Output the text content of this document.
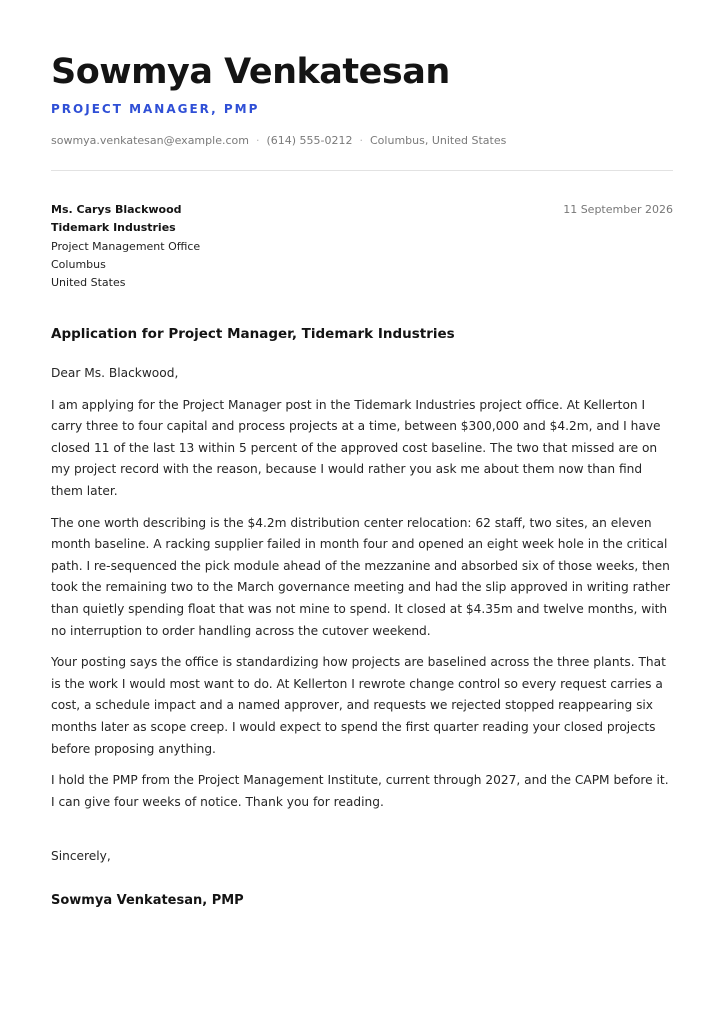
Sowmya Venkatesan
PROJECT MANAGER, PMP
sowmya.venkatesan@example.com · (614) 555-0212 · Columbus, United States
Ms. Carys Blackwood
Tidemark Industries
Project Management Office
Columbus
United States
11 September 2026
Application for Project Manager, Tidemark Industries

Dear Ms. Blackwood,

I am applying for the Project Manager post in the Tidemark Industries project office. At Kellerton I carry three to four capital and process projects at a time, between $300,000 and $4.2m, and I have closed 11 of the last 13 within 5 percent of the approved cost baseline. The two that missed are on my project record with the reason, because I would rather you ask me about them now than find them later.

The one worth describing is the $4.2m distribution center relocation: 62 staff, two sites, an eleven month baseline. A racking supplier failed in month four and opened an eight week hole in the critical path. I re-sequenced the pick module ahead of the mezzanine and absorbed six of those weeks, then took the remaining two to the March governance meeting and had the slip approved in writing rather than quietly spending float that was not mine to spend. It closed at $4.35m and twelve months, with no interruption to order handling across the cutover weekend.

Your posting says the office is standardizing how projects are baselined across the three plants. That is the work I would most want to do. At Kellerton I rewrote change control so every request carries a cost, a schedule impact and a named approver, and requests we rejected stopped reappearing six months later as scope creep. I would expect to spend the first quarter reading your closed projects before proposing anything.

I hold the PMP from the Project Management Institute, current through 2027, and the CAPM before it. I can give four weeks of notice. Thank you for reading.

Sincerely,
Sowmya Venkatesan, PMP
